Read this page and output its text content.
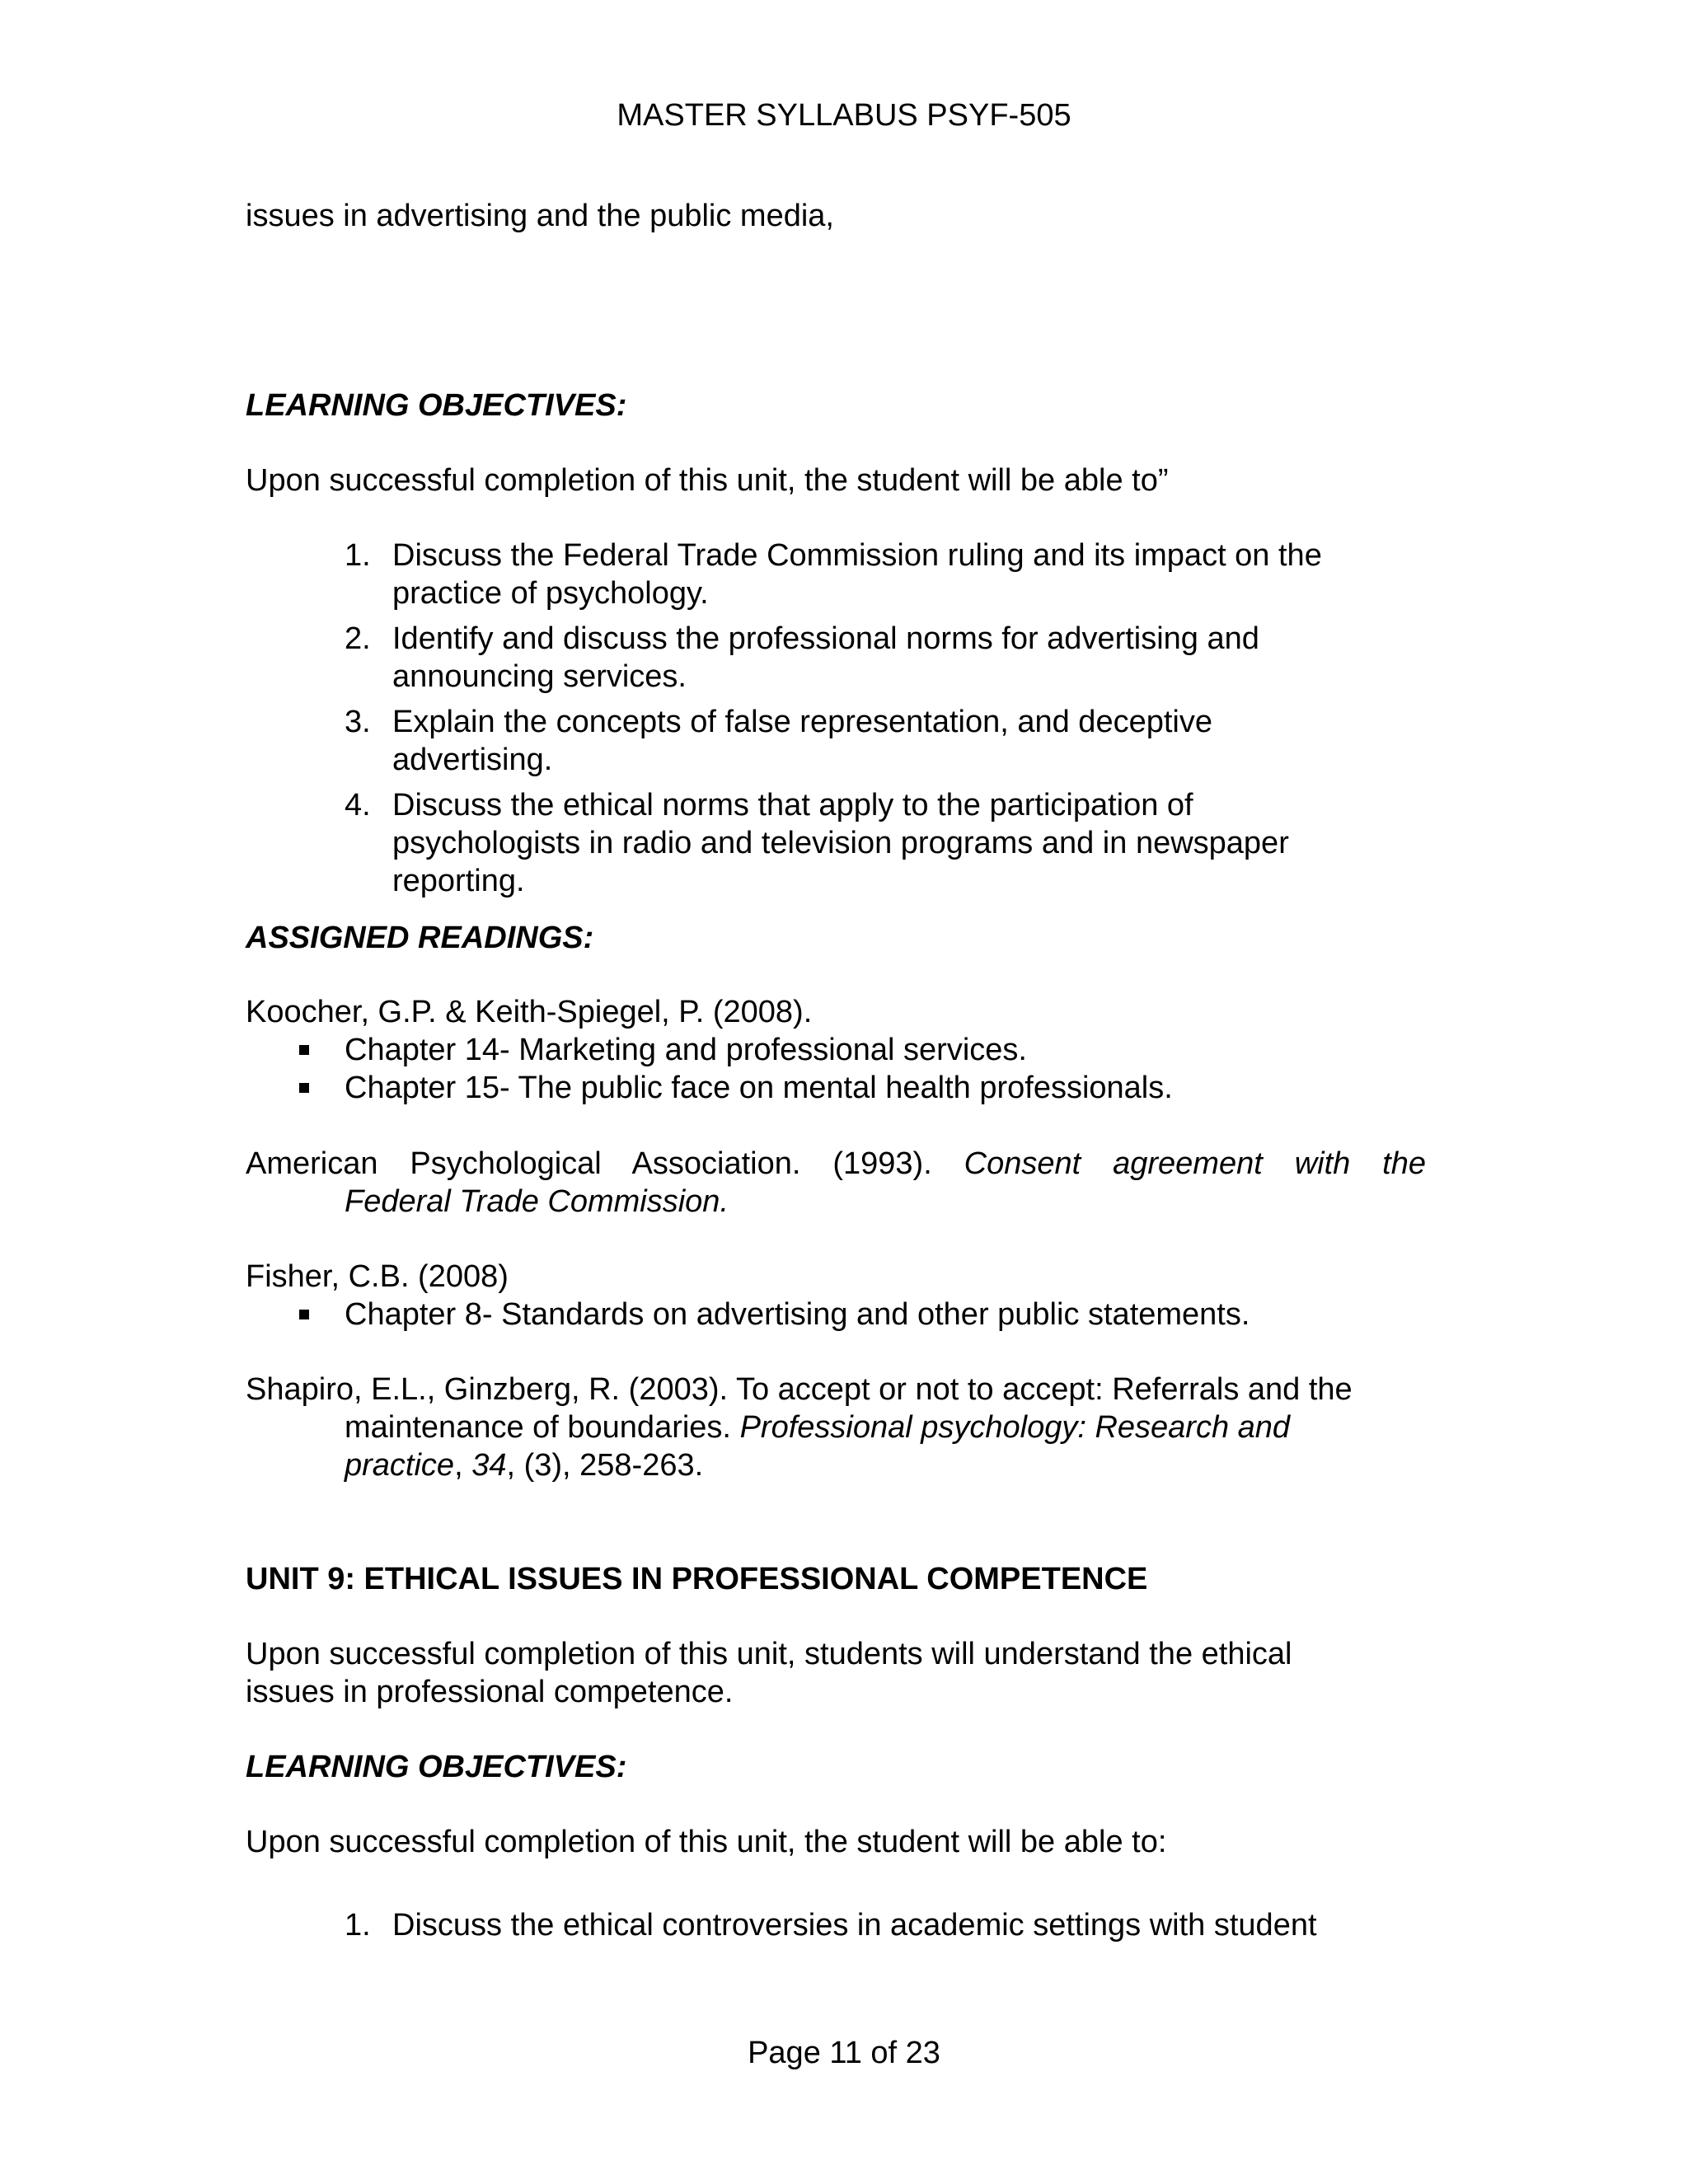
MASTER SYLLABUS PSYF-505
issues in advertising and the public media,
LEARNING OBJECTIVES:
Upon successful completion of this unit, the student will be able to”
1. Discuss the Federal Trade Commission ruling and its impact on the
practice of psychology.
2. Identify and discuss the professional norms for advertising and
announcing services.
3. Explain the concepts of false representation, and deceptive
advertising.
4. Discuss the ethical norms that apply to the participation of
psychologists in radio and television programs and in newspaper
reporting.
ASSIGNED READINGS:
Koocher, G.P. & Keith-Spiegel, P. (2008).
Chapter 14- Marketing and professional services.
Chapter 15- The public face on mental health professionals.
American Psychological Association. (1993). Consent agreement with the
Federal Trade Commission.
Fisher, C.B. (2008)
Chapter 8- Standards on advertising and other public statements.
Shapiro, E.L., Ginzberg, R. (2003). To accept or not to accept: Referrals and the
maintenance of boundaries. Professional psychology: Research and
practice, 34, (3), 258-263.
UNIT 9: ETHICAL ISSUES IN PROFESSIONAL COMPETENCE
Upon successful completion of this unit, students will understand the ethical
issues in professional competence.
LEARNING OBJECTIVES:
Upon successful completion of this unit, the student will be able to:
1. Discuss the ethical controversies in academic settings with student
Page 11 of 23
